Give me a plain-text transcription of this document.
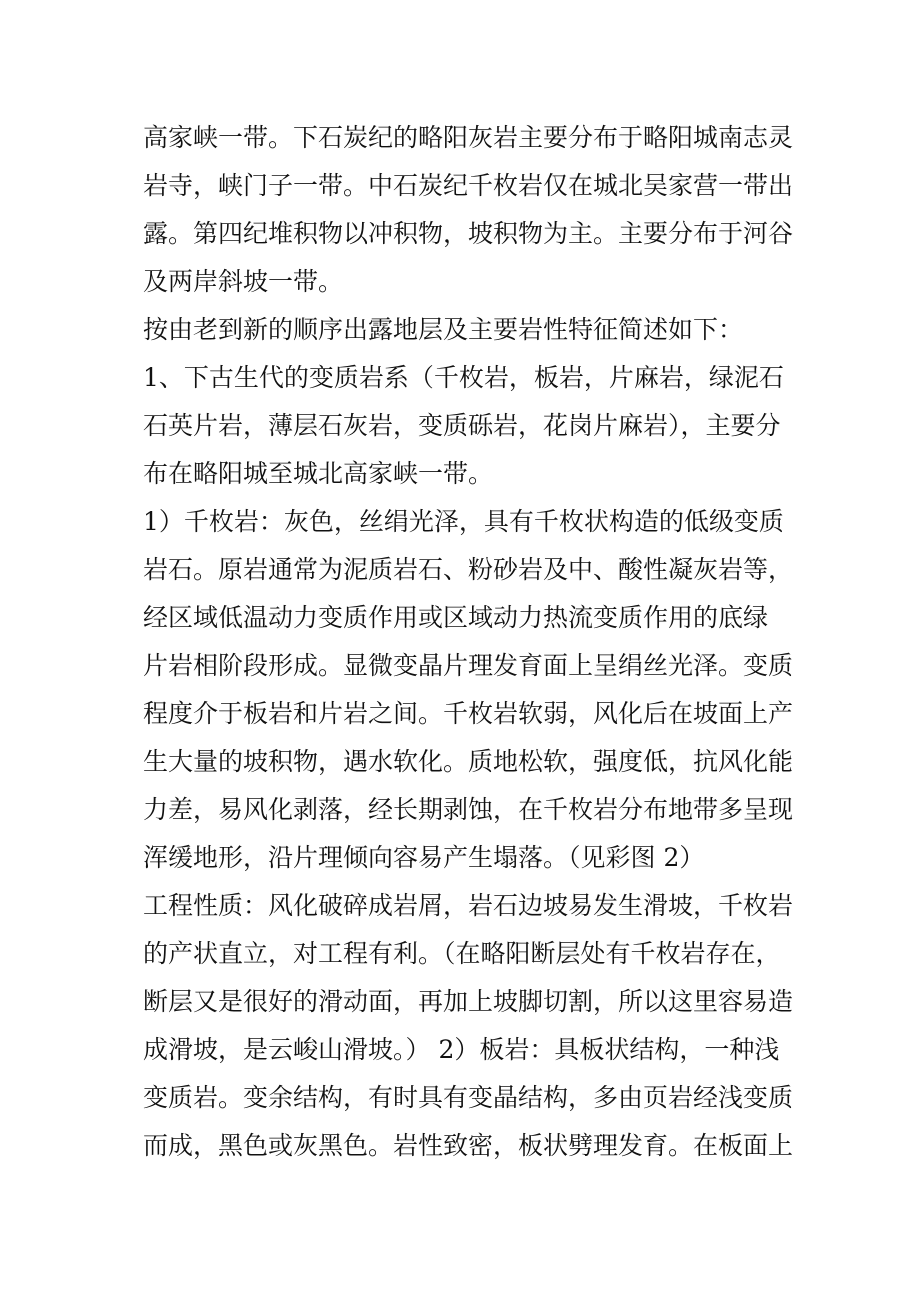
高家峡一带。下石炭纪的略阳灰岩主要分布于略阳城南志灵
岩寺，峡门子一带。中石炭纪千枚岩仅在城北吴家营一带出
露。第四纪堆积物以冲积物，坡积物为主。主要分布于河谷
及两岸斜坡一带。
按由老到新的顺序出露地层及主要岩性特征简述如下：
1、下古生代的变质岩系（千枚岩，板岩，片麻岩，绿泥石
石英片岩，薄层石灰岩，变质砾岩，花岗片麻岩），主要分
布在略阳城至城北高家峡一带。
1）千枚岩：灰色，丝绢光泽，具有千枚状构造的低级变质
岩石。原岩通常为泥质岩石、粉砂岩及中、酸性凝灰岩等，
经区域低温动力变质作用或区域动力热流变质作用的底绿
片岩相阶段形成。显微变晶片理发育面上呈绢丝光泽。变质
程度介于板岩和片岩之间。千枚岩软弱，风化后在坡面上产
生大量的坡积物，遇水软化。质地松软，强度低，抗风化能
力差，易风化剥落，经长期剥蚀，在千枚岩分布地带多呈现
浑缓地形，沿片理倾向容易产生塌落。（见彩图 2）
工程性质：风化破碎成岩屑，岩石边坡易发生滑坡，千枚岩
的产状直立，对工程有利。（在略阳断层处有千枚岩存在，
断层又是很好的滑动面，再加上坡脚切割，所以这里容易造
成滑坡，是云峻山滑坡。） 2）板岩：具板状结构，一种浅
变质岩。变余结构，有时具有变晶结构，多由页岩经浅变质
而成，黑色或灰黑色。岩性致密，板状劈理发育。在板面上
